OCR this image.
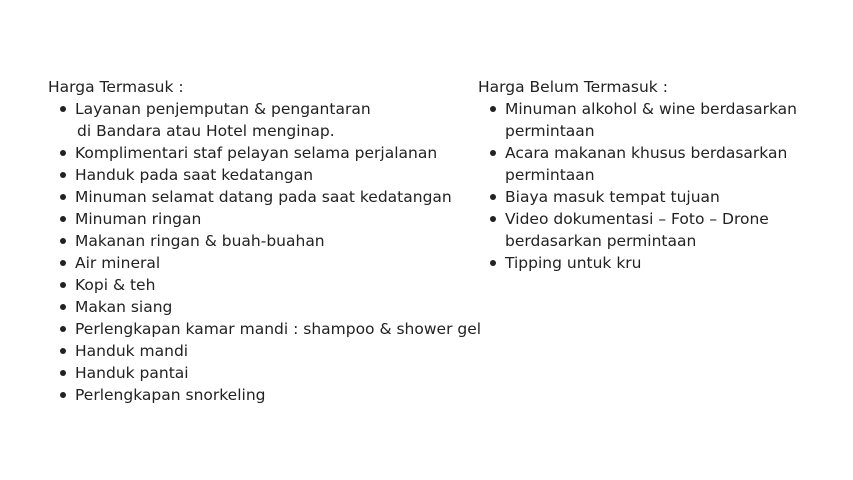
Harga Termasuk :
Layanan penjemputan & pengantaran
di Bandara atau Hotel menginap.
Komplimentari staf pelayan selama perjalanan
Handuk pada saat kedatangan
Minuman selamat datang pada saat kedatangan
Minuman ringan
Makanan ringan & buah-buahan
Air mineral
Kopi & teh
Makan siang
Perlengkapan kamar mandi : shampoo & shower gel
Handuk mandi
Handuk pantai
Perlengkapan snorkeling
Harga Belum Termasuk :
Minuman alkohol & wine berdasarkan
permintaan
Acara makanan khusus berdasarkan
permintaan
Biaya masuk tempat tujuan
Video dokumentasi – Foto – Drone
berdasarkan permintaan
Tipping untuk kru
